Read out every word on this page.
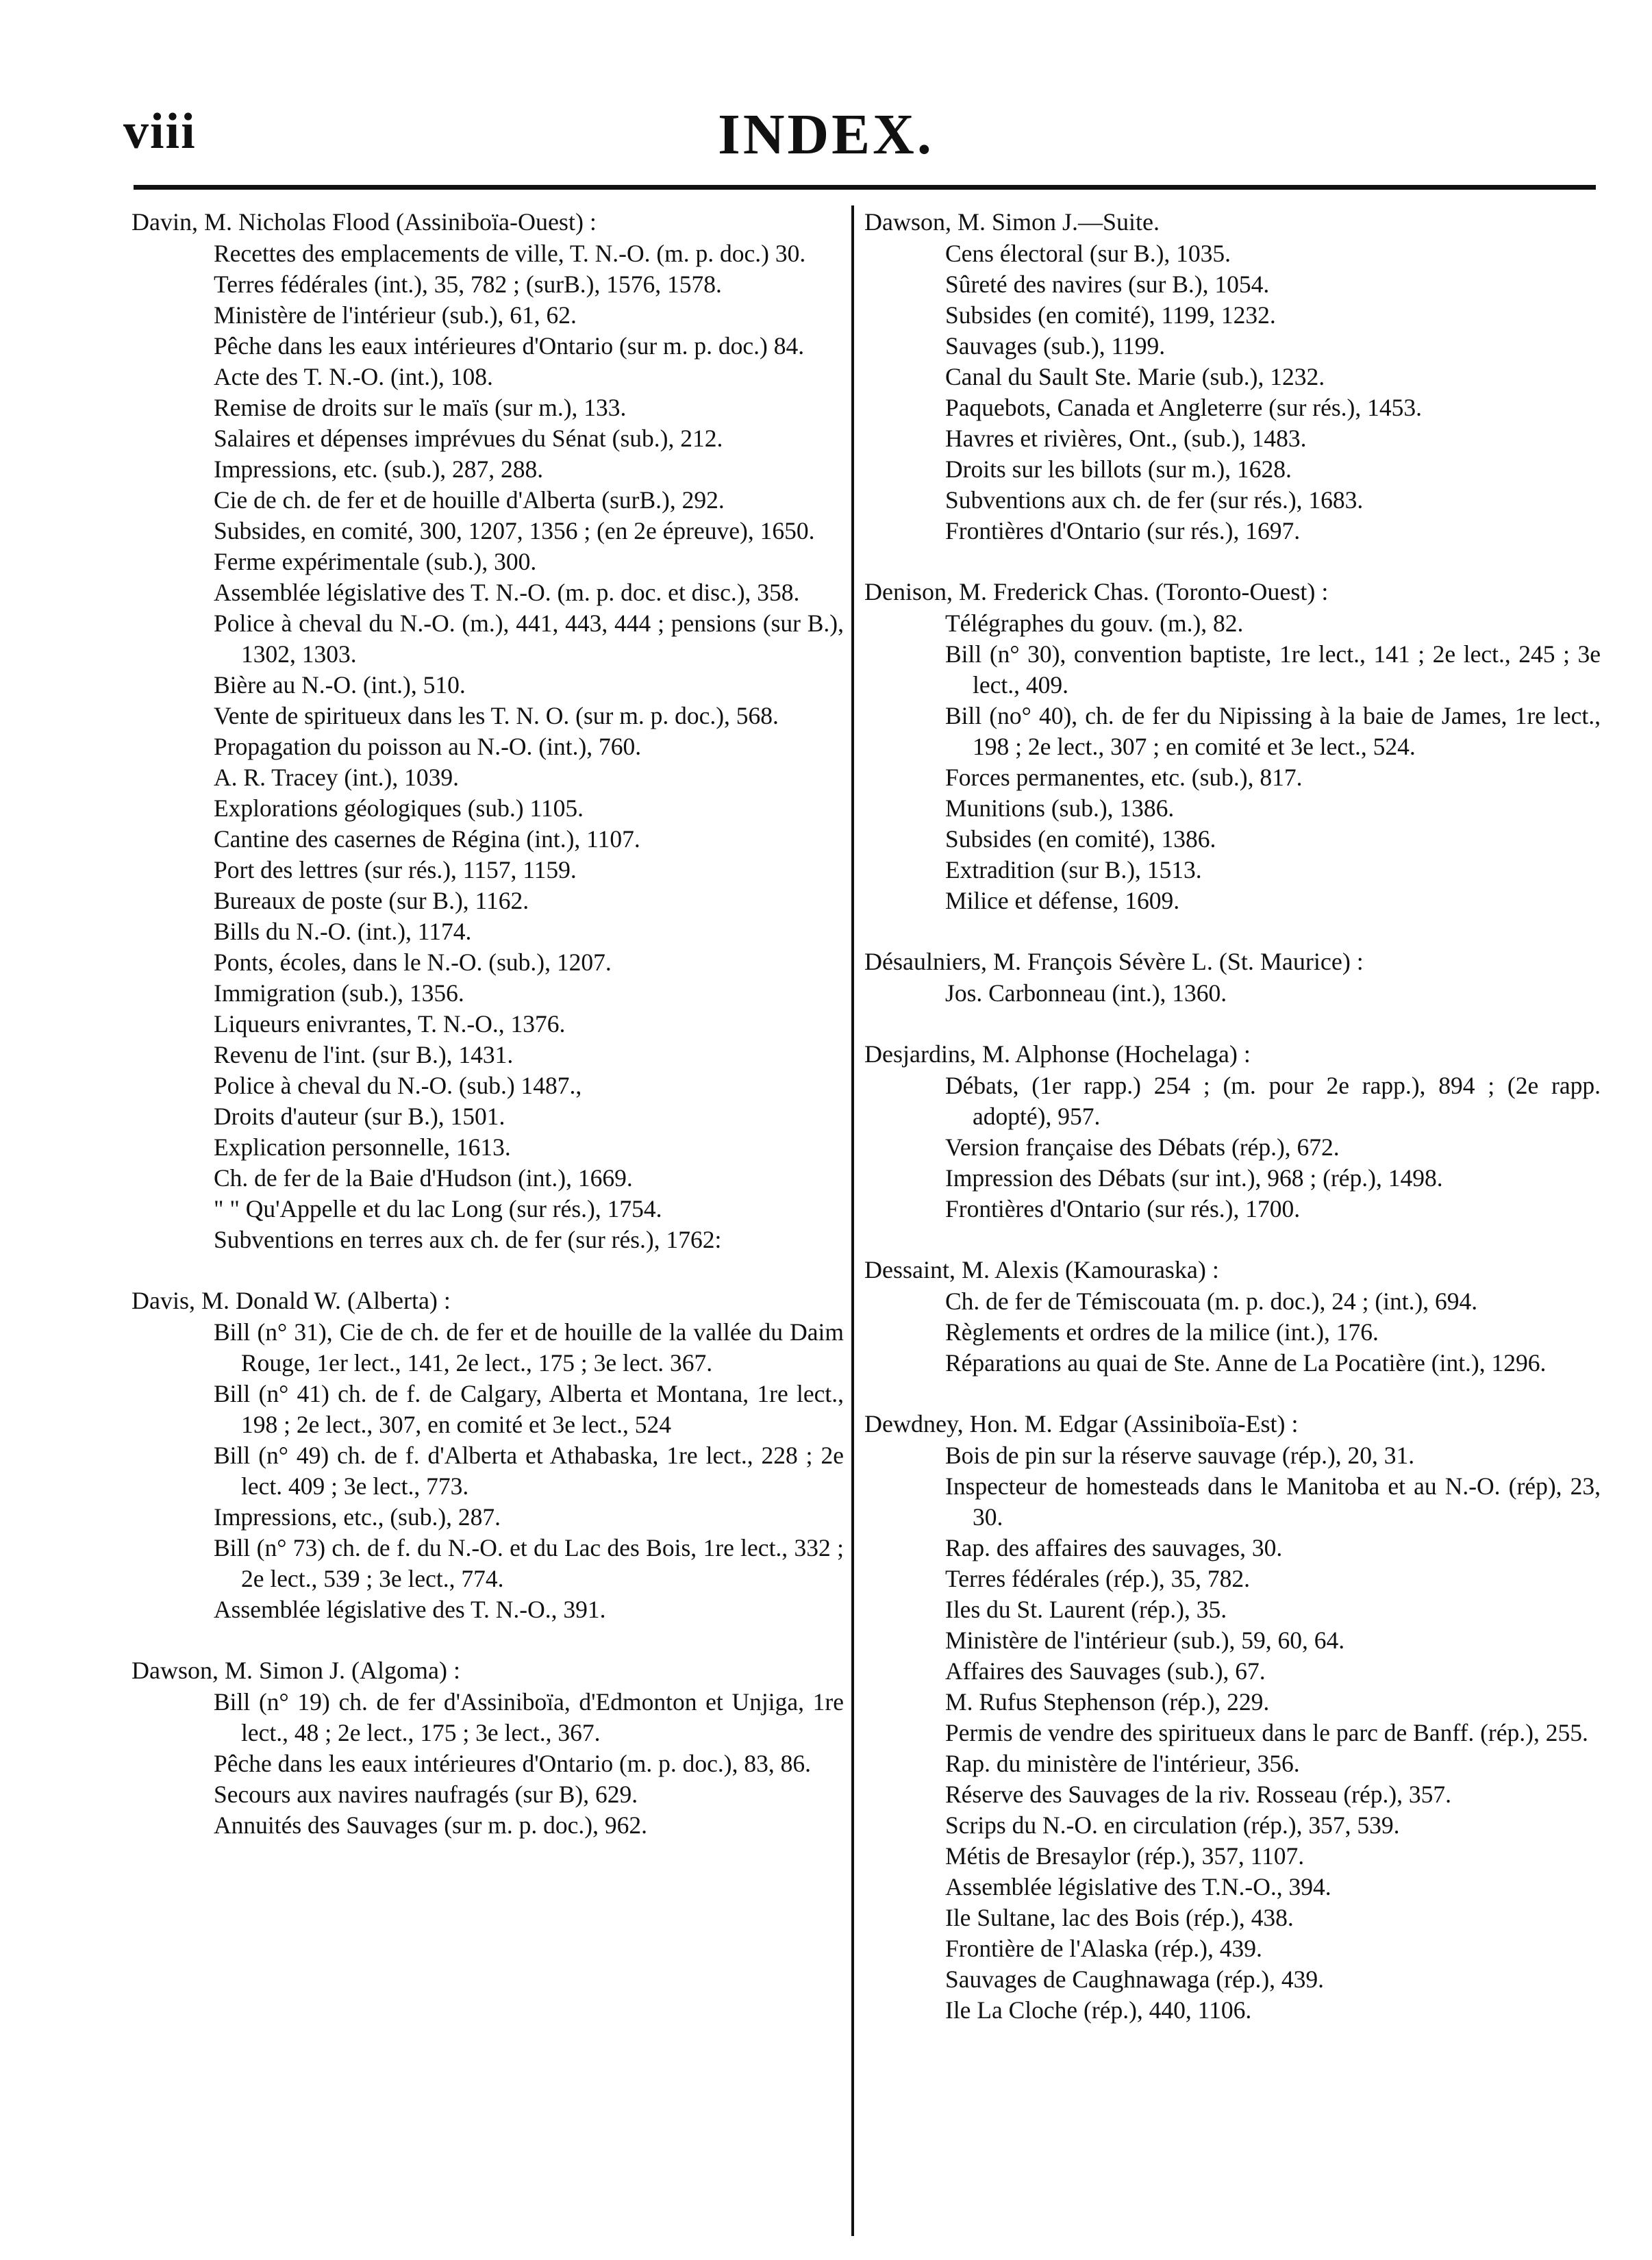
viii	INDEX.

Davin, M. Nicholas Flood (Assiniboïa-Ouest) :

Recettes des emplacements de ville, T. N.-O. (m. p. doc.) 30.

Terres fédérales (int.), 35, 782 ; (surB.), 1576, 1578.

Ministère de l'intérieur (sub.), 61, 62.

Pêche dans les eaux intérieures d'Ontario (sur m. p. doc.) 84.

Acte des T. N.-O. (int.), 108.

Remise de droits sur le maïs (sur m.), 133.

Salaires et dépenses imprévues du Sénat (sub.), 212.

Impressions, etc. (sub.), 287, 288.

Cie de ch. de fer et de houille d'Alberta (surB.), 292.

Subsides, en comité, 300, 1207, 1356 ; (en 2e épreuve), 1650.

Ferme expérimentale (sub.), 300.

Assemblée législative des T. N.-O. (m. p. doc. et disc.), 358.

Police à cheval du N.-O. (m.), 441, 443, 444 ; pensions (sur B.), 1302, 1303.

Bière au N.-O. (int.), 510.

Vente de spiritueux dans les T. N. O. (sur m. p. doc.), 568.

Propagation du poisson au N.-O. (int.), 760.

A. R. Tracey (int.), 1039.

Explorations géologiques (sub.) 1105.

Cantine des casernes de Régina (int.), 1107.

Port des lettres (sur rés.), 1157, 1159.

Bureaux de poste (sur B.), 1162.

Bills du N.-O. (int.), 1174.

Ponts, écoles, dans le N.-O. (sub.), 1207.

Immigration (sub.), 1356.

Liqueurs enivrantes, T. N.-O., 1376.

Revenu de l'int. (sur B.), 1431.

Police à cheval du N.-O. (sub.) 1487.,

Droits d'auteur (sur B.), 1501.

Explication personnelle, 1613.

Ch. de fer de la Baie d'Hudson (int.), 1669.

" " Qu'Appelle et du lac Long (sur rés.), 1754.

Subventions en terres aux ch. de fer (sur rés.), 1762:

Davis, M. Donald W. (Alberta) :

Bill (n° 31), Cie de ch. de fer et de houille de la vallée du Daim Rouge, 1er lect., 141, 2e lect., 175 ; 3e lect. 367.

Bill (n° 41) ch. de f. de Calgary, Alberta et Montana, 1re lect., 198 ; 2e lect., 307, en comité et 3e lect., 524

Bill (n° 49) ch. de f. d'Alberta et Athabaska, 1re lect., 228 ; 2e lect. 409 ; 3e lect., 773.

Impressions, etc., (sub.), 287.

Bill (n° 73) ch. de f. du N.-O. et du Lac des Bois, 1re lect., 332 ; 2e lect., 539 ; 3e lect., 774.

Assemblée législative des T. N.-O., 391.

Dawson, M. Simon J. (Algoma) :

Bill (n° 19) ch. de fer d'Assiniboïa, d'Edmonton et Unjiga, 1re lect., 48 ; 2e lect., 175 ; 3e lect., 367.

Pêche dans les eaux intérieures d'Ontario (m. p. doc.), 83, 86.

Secours aux navires naufragés (sur B), 629.

Annuités des Sauvages (sur m. p. doc.), 962.

Dawson, M. Simon J.—Suite.

Cens électoral (sur B.), 1035.

Sûreté des navires (sur B.), 1054.

Subsides (en comité), 1199, 1232.

Sauvages (sub.), 1199.

Canal du Sault Ste. Marie (sub.), 1232.

Paquebots, Canada et Angleterre (sur rés.), 1453.

Havres et rivières, Ont., (sub.), 1483.

Droits sur les billots (sur m.), 1628.

Subventions aux ch. de fer (sur rés.), 1683.

Frontières d'Ontario (sur rés.), 1697.

Denison, M. Frederick Chas. (Toronto-Ouest) :

Télégraphes du gouv. (m.), 82.

Bill (n° 30), convention baptiste, 1re lect., 141 ; 2e lect., 245 ; 3e lect., 409.

Bill (no° 40), ch. de fer du Nipissing à la baie de James, 1re lect., 198 ; 2e lect., 307 ; en comité et 3e lect., 524.

Forces permanentes, etc. (sub.), 817.

Munitions (sub.), 1386.

Subsides (en comité), 1386.

Extradition (sur B.), 1513.

Milice et défense, 1609.

Désaulniers, M. François Sévère L. (St. Maurice) :

Jos. Carbonneau (int.), 1360.

Desjardins, M. Alphonse (Hochelaga) :

Débats, (1er rapp.) 254 ; (m. pour 2e rapp.), 894 ; (2e rapp. adopté), 957.

Version française des Débats (rép.), 672.

Impression des Débats (sur int.), 968 ; (rép.), 1498.

Frontières d'Ontario (sur rés.), 1700.

Dessaint, M. Alexis (Kamouraska) :

Ch. de fer de Témiscouata (m. p. doc.), 24 ; (int.), 694.

Règlements et ordres de la milice (int.), 176.

Réparations au quai de Ste. Anne de La Pocatière (int.), 1296.

Dewdney, Hon. M. Edgar (Assiniboïa-Est) :

Bois de pin sur la réserve sauvage (rép.), 20, 31.

Inspecteur de homesteads dans le Manitoba et au N.-O. (rép), 23, 30.

Rap. des affaires des sauvages, 30.

Terres fédérales (rép.), 35, 782.

Iles du St. Laurent (rép.), 35.

Ministère de l'intérieur (sub.), 59, 60, 64.

Affaires des Sauvages (sub.), 67.

M. Rufus Stephenson (rép.), 229.

Permis de vendre des spiritueux dans le parc de Banff. (rép.), 255.

Rap. du ministère de l'intérieur, 356.

Réserve des Sauvages de la riv. Rosseau (rép.), 357.

Scrips du N.-O. en circulation (rép.), 357, 539.

Métis de Bresaylor (rép.), 357, 1107.

Assemblée législative des T.N.-O., 394.

Ile Sultane, lac des Bois (rép.), 438.

Frontière de l'Alaska (rép.), 439.

Sauvages de Caughnawaga (rép.), 439.

Ile La Cloche (rép.), 440, 1106.
